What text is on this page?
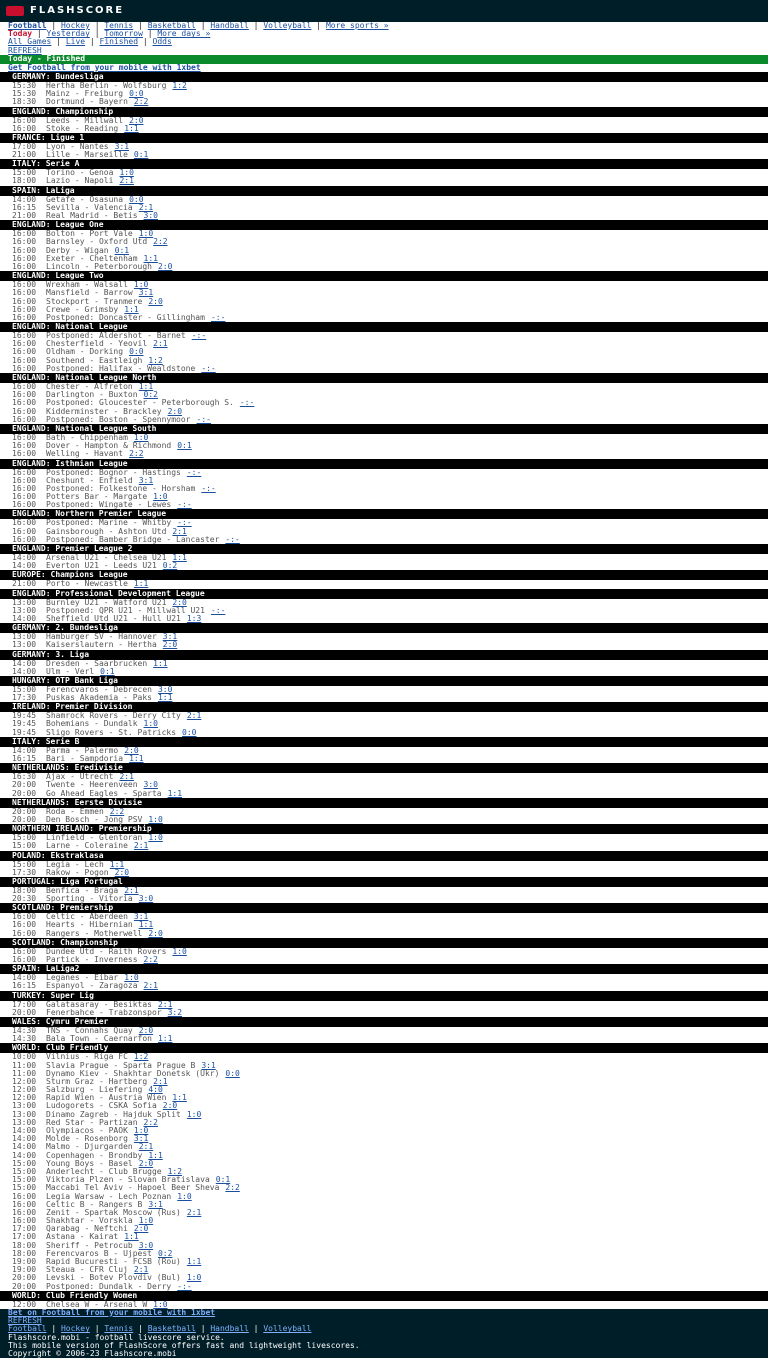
FLASHSCORE
Football | Hockey | Tennis | Basketball | Handball | Volleyball | More sports »
Today | Yesterday | Tomorrow | More days »
All Games | Live | Finished | Odds
REFRESH
Today - Finished
Get Football from your mobile with 1xbet
GERMANY: Bundesliga
15:30 Hertha Berlin - Wolfsburg 1:2
15:30 Mainz - Freiburg 0:0
18:30 Dortmund - Bayern 2:2
ENGLAND: Championship
16:00 Leeds - Millwall 2:0
16:00 Stoke - Reading 1:1
FRANCE: Ligue 1
17:00 Lyon - Nantes 3:1
21:00 Lille - Marseille 0:1
ITALY: Serie A
15:00 Torino - Genoa 1:0
18:00 Lazio - Napoli 2:1
SPAIN: LaLiga
14:00 Getafe - Osasuna 0:0
16:15 Sevilla - Valencia 2:1
21:00 Real Madrid - Betis 3:0
ENGLAND: League One
16:00 Bolton - Port Vale 1:0
16:00 Barnsley - Oxford Utd 2:2
16:00 Derby - Wigan 0:1
16:00 Exeter - Cheltenham 1:1
16:00 Lincoln - Peterborough 2:0
ENGLAND: League Two
16:00 Wrexham - Walsall 1:0
16:00 Mansfield - Barrow 3:1
16:00 Stockport - Tranmere 2:0
16:00 Crewe - Grimsby 1:1
16:00 Postponed: Doncaster - Gillingham -:-
ENGLAND: National League
16:00 Postponed: Aldershot - Barnet -:-
16:00 Chesterfield - Yeovil 2:1
16:00 Oldham - Dorking 0:0
16:00 Southend - Eastleigh 1:2
16:00 Postponed: Halifax - Wealdstone -:-
ENGLAND: National League North
16:00 Chester - Alfreton 1:1
16:00 Darlington - Buxton 0:2
16:00 Postponed: Gloucester - Peterborough S. -:-
16:00 Kidderminster - Brackley 2:0
16:00 Postponed: Boston - Spennymoor -:-
ENGLAND: National League South
16:00 Bath - Chippenham 1:0
16:00 Dover - Hampton & Richmond 0:1
16:00 Welling - Havant 2:2
ENGLAND: Isthmian League
16:00 Postponed: Bognor - Hastings -:-
16:00 Cheshunt - Enfield 3:1
16:00 Postponed: Folkestone - Horsham -:-
16:00 Potters Bar - Margate 1:0
16:00 Postponed: Wingate - Lewes -:-
ENGLAND: Northern Premier League
16:00 Postponed: Marine - Whitby -:-
16:00 Gainsborough - Ashton Utd 2:1
16:00 Postponed: Bamber Bridge - Lancaster -:-
ENGLAND: Premier League 2
14:00 Arsenal U21 - Chelsea U21 1:1
14:00 Everton U21 - Leeds U21 0:2
EUROPE: Champions League
21:00 Porto - Newcastle 1:1
ENGLAND: Professional Development League
13:00 Burnley U21 - Watford U21 2:0
13:00 Postponed: QPR U21 - Millwall U21 -:-
14:00 Sheffield Utd U21 - Hull U21 1:3
GERMANY: 2. Bundesliga
13:00 Hamburger SV - Hannover 3:1
13:00 Kaiserslautern - Hertha 2:0
GERMANY: 3. Liga
14:00 Dresden - Saarbrucken 1:1
14:00 Ulm - Verl 0:1
HUNGARY: OTP Bank Liga
15:00 Ferencvaros - Debrecen 3:0
17:30 Puskas Akademia - Paks 1:1
IRELAND: Premier Division
19:45 Shamrock Rovers - Derry City 2:1
19:45 Bohemians - Dundalk 1:0
19:45 Sligo Rovers - St. Patricks 0:0
ITALY: Serie B
14:00 Parma - Palermo 2:0
16:15 Bari - Sampdoria 1:1
NETHERLANDS: Eredivisie
16:30 Ajax - Utrecht 2:1
20:00 Twente - Heerenveen 3:0
20:00 Go Ahead Eagles - Sparta 1:1
NETHERLANDS: Eerste Divisie
20:00 Roda - Emmen 2:2
20:00 Den Bosch - Jong PSV 1:0
NORTHERN IRELAND: Premiership
15:00 Linfield - Glentoran 1:0
15:00 Larne - Coleraine 2:1
POLAND: Ekstraklasa
15:00 Legia - Lech 1:1
17:30 Rakow - Pogon 2:0
PORTUGAL: Liga Portugal
18:00 Benfica - Braga 2:1
20:30 Sporting - Vitoria 3:0
SCOTLAND: Premiership
16:00 Celtic - Aberdeen 3:1
16:00 Hearts - Hibernian 1:1
16:00 Rangers - Motherwell 2:0
SCOTLAND: Championship
16:00 Dundee Utd - Raith Rovers 1:0
16:00 Partick - Inverness 2:2
SPAIN: LaLiga2
14:00 Leganes - Eibar 1:0
16:15 Espanyol - Zaragoza 2:1
TURKEY: Super Lig
17:00 Galatasaray - Besiktas 2:1
20:00 Fenerbahce - Trabzonspor 3:2
WALES: Cymru Premier
14:30 TNS - Connahs Quay 2:0
14:30 Bala Town - Caernarfon 1:1
WORLD: Club Friendly
10:00 Vilnius - Riga FC 1:2
11:00 Slavia Prague - Sparta Prague B 3:1
11:00 Dynamo Kiev - Shakhtar Donetsk (Ukr) 0:0
12:00 Sturm Graz - Hartberg 2:1
12:00 Salzburg - Liefering 4:0
12:00 Rapid Wien - Austria Wien 1:1
13:00 Ludogorets - CSKA Sofia 2:0
13:00 Dinamo Zagreb - Hajduk Split 1:0
13:00 Red Star - Partizan 2:2
14:00 Olympiacos - PAOK 1:0
14:00 Molde - Rosenborg 3:1
14:00 Malmo - Djurgarden 2:1
14:00 Copenhagen - Brondby 1:1
15:00 Young Boys - Basel 2:0
15:00 Anderlecht - Club Brugge 1:2
15:00 Viktoria Plzen - Slovan Bratislava 0:1
15:00 Maccabi Tel Aviv - Hapoel Beer Sheva 2:2
16:00 Legia Warsaw - Lech Poznan 1:0
16:00 Celtic B - Rangers B 3:1
16:00 Zenit - Spartak Moscow (Rus) 2:1
16:00 Shakhtar - Vorskla 1:0
17:00 Qarabag - Neftchi 2:0
17:00 Astana - Kairat 1:1
18:00 Sheriff - Petrocub 3:0
18:00 Ferencvaros B - Ujpest 0:2
19:00 Rapid Bucuresti - FCSB (Rou) 1:1
19:00 Steaua - CFR Cluj 2:1
20:00 Levski - Botev Plovdiv (Bul) 1:0
20:00 Postponed: Dundalk - Derry -:-
WORLD: Club Friendly Women
12:00 Chelsea W - Arsenal W 1:0
Bet on Football from your mobile with 1xbet
REFRESH
Football | Hockey | Tennis | Basketball | Handball | Volleyball
Flashscore.mobi - football livescore service.
This mobile version of FlashScore offers fast and lightweight livescores.
Copyright © 2006-23 Flashscore.mobi
